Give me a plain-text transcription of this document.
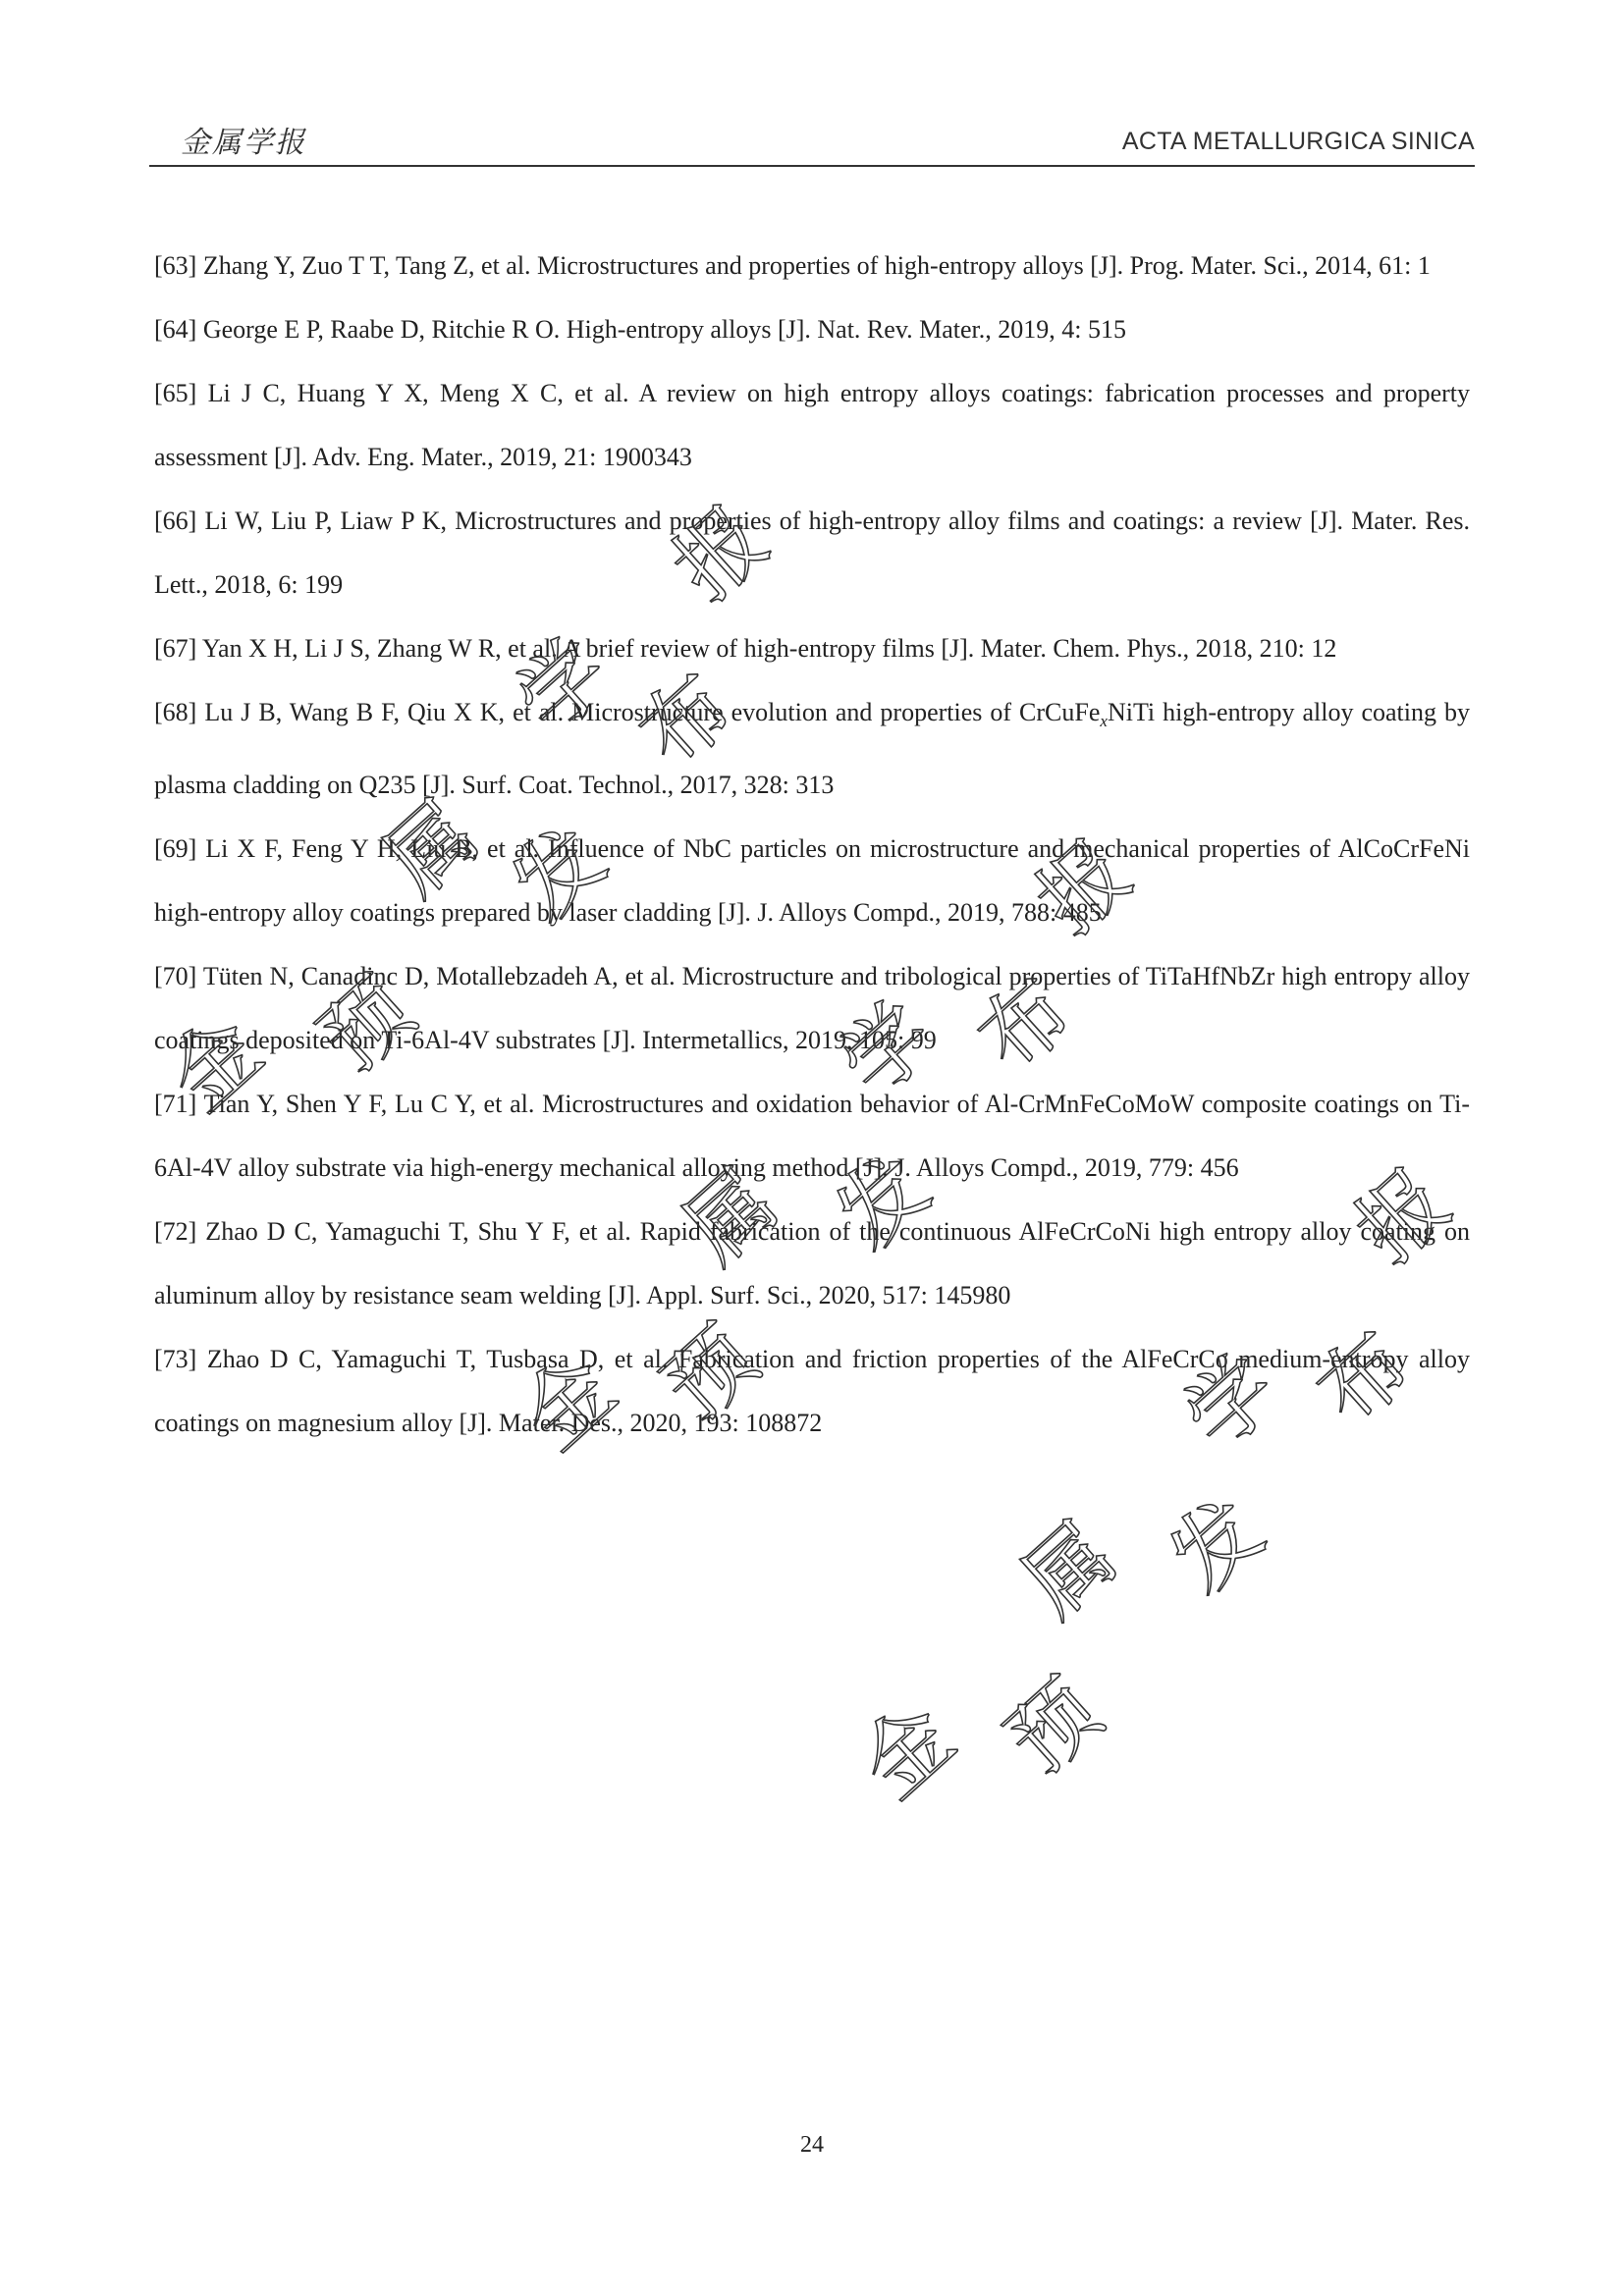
金属学报	ACTA METALLURGICA SINICA

[63] Zhang Y, Zuo T T, Tang Z, et al. Microstructures and properties of high-entropy alloys [J]. Prog. Mater. Sci., 2014, 61: 1

[64] George E P, Raabe D, Ritchie R O. High-entropy alloys [J]. Nat. Rev. Mater., 2019, 4: 515

[65] Li J C, Huang Y X, Meng X C, et al. A review on high entropy alloys coatings: fabrication processes and property assessment [J]. Adv. Eng. Mater., 2019, 21: 1900343

[66] Li W, Liu P, Liaw P K, Microstructures and properties of high-entropy alloy films and coatings: a review [J]. Mater. Res. Lett., 2018, 6: 199

[67] Yan X H, Li J S, Zhang W R, et al. A brief review of high-entropy films [J]. Mater. Chem. Phys., 2018, 210: 12

[68] Lu J B, Wang B F, Qiu X K, et al. Microstructure evolution and properties of CrCuFe$_x$NiTi high-entropy alloy coating by plasma cladding on Q235 [J]. Surf. Coat. Technol., 2017, 328: 313

[69] Li X F, Feng Y H, Liu B, et al. Influence of NbC particles on microstructure and mechanical properties of AlCoCrFeNi high-entropy alloy coatings prepared by laser cladding [J]. J. Alloys Compd., 2019, 788: 485

[70] Tüten N, Canadinc D, Motallebzadeh A, et al. Microstructure and tribological properties of TiTaHfNbZr high entropy alloy coatings deposited on Ti-6Al-4V substrates [J]. Intermetallics, 2019, 105: 99

[71] Tian Y, Shen Y F, Lu C Y, et al. Microstructures and oxidation behavior of Al-CrMnFeCoMoW composite coatings on Ti-6Al-4V alloy substrate via high-energy mechanical alloying method [J]. J. Alloys Compd., 2019, 779: 456

[72] Zhao D C, Yamaguchi T, Shu Y F, et al. Rapid fabrication of the continuous AlFeCrCoNi high entropy alloy coating on aluminum alloy by resistance seam welding [J]. Appl. Surf. Sci., 2020, 517: 145980

[73] Zhao D C, Yamaguchi T, Tusbasa D, et al. Fabrication and friction properties of the AlFeCrCo medium-entropy alloy coatings on magnesium alloy [J]. Mater. Des., 2020, 193: 108872

24
报
学
布
属
发	报
金 预	学 布
属 发	报
金 预	学 布
属 发
金 预
